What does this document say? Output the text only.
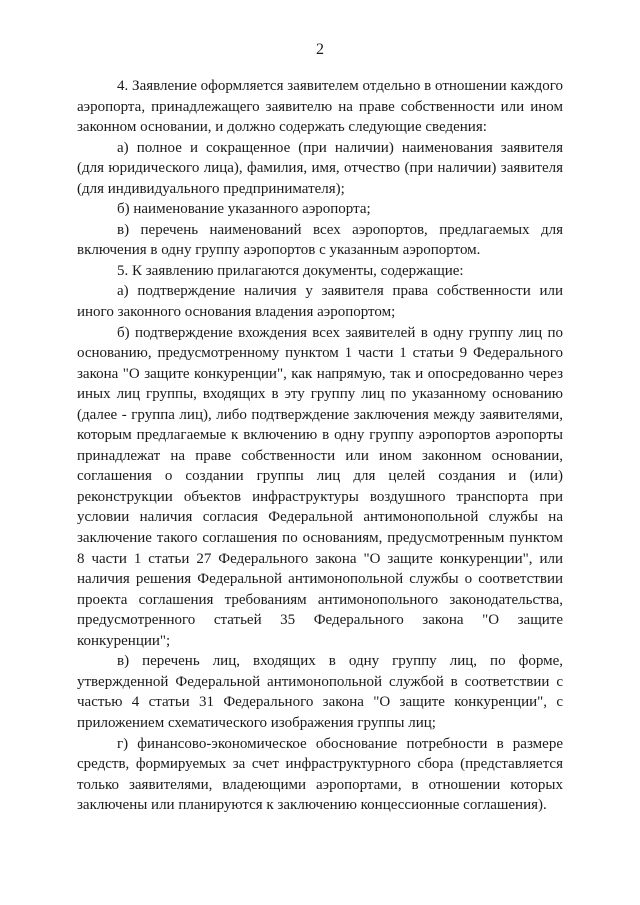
2

4. Заявление оформляется заявителем отдельно в отношении каждого аэропорта, принадлежащего заявителю на праве собственности или ином законном основании, и должно содержать следующие сведения:

а) полное и сокращенное (при наличии) наименования заявителя (для юридического лица), фамилия, имя, отчество (при наличии) заявителя (для индивидуального предпринимателя);

б) наименование указанного аэропорта;

в) перечень наименований всех аэропортов, предлагаемых для включения в одну группу аэропортов с указанным аэропортом.

5. К заявлению прилагаются документы, содержащие:

а) подтверждение наличия у заявителя права собственности или иного законного основания владения аэропортом;

б) подтверждение вхождения всех заявителей в одну группу лиц по основанию, предусмотренному пунктом 1 части 1 статьи 9 Федерального закона "О защите конкуренции", как напрямую, так и опосредованно через иных лиц группы, входящих в эту группу лиц по указанному основанию (далее - группа лиц), либо подтверждение заключения между заявителями, которым предлагаемые к включению в одну группу аэропортов аэропорты принадлежат на праве собственности или ином законном основании, соглашения о создании группы лиц для целей создания и (или) реконструкции объектов инфраструктуры воздушного транспорта при условии наличия согласия Федеральной антимонопольной службы на заключение такого соглашения по основаниям, предусмотренным пунктом 8 части 1 статьи 27 Федерального закона "О защите конкуренции", или наличия решения Федеральной антимонопольной службы о соответствии проекта соглашения требованиям антимонопольного законодательства, предусмотренного статьей 35 Федерального закона "О защите конкуренции";

в) перечень лиц, входящих в одну группу лиц, по форме, утвержденной Федеральной антимонопольной службой в соответствии с частью 4 статьи 31 Федерального закона "О защите конкуренции", с приложением схематического изображения группы лиц;

г) финансово-экономическое обоснование потребности в размере средств, формируемых за счет инфраструктурного сбора (представляется только заявителями, владеющими аэропортами, в отношении которых заключены или планируются к заключению концессионные соглашения).
